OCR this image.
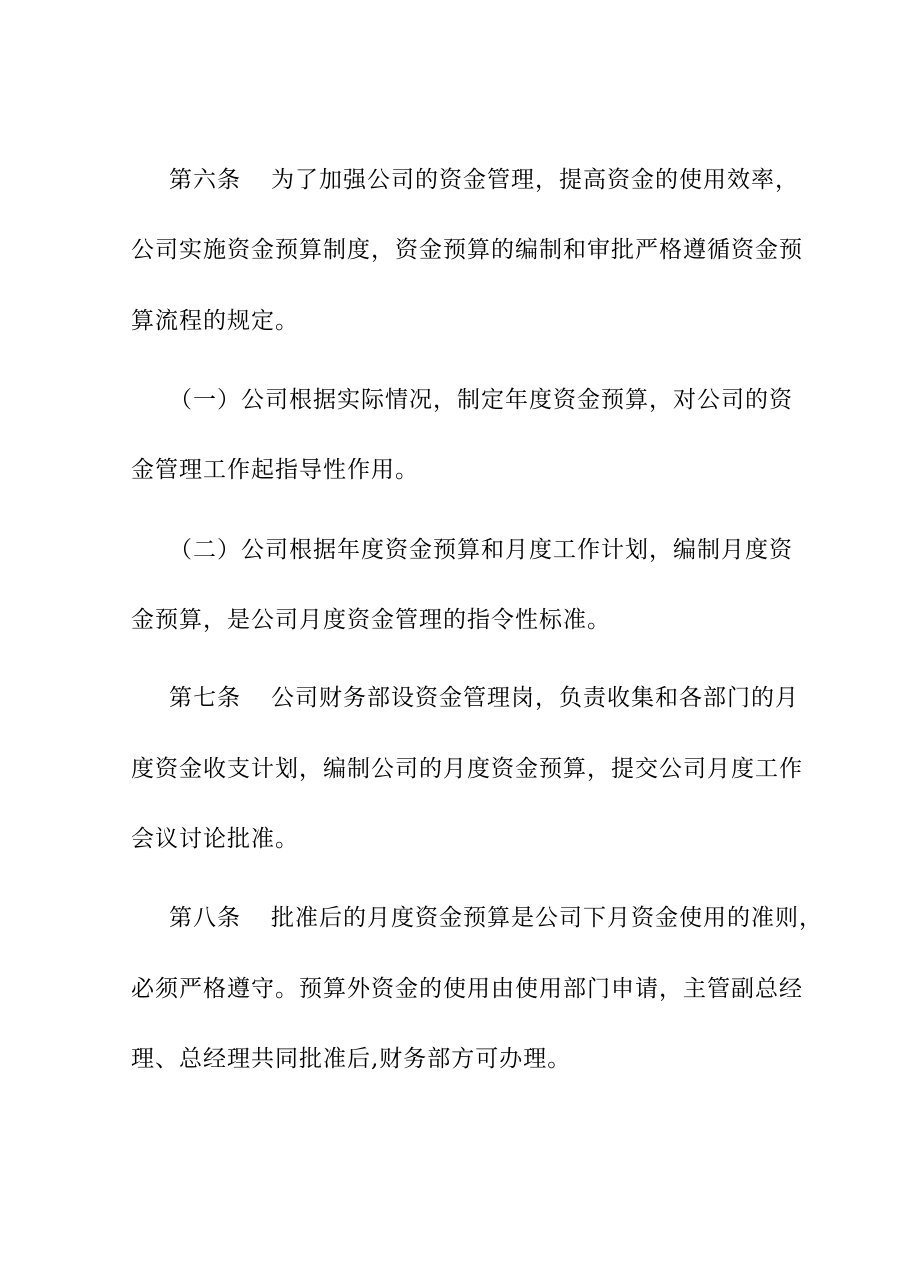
第六条 为了加强公司的资金管理，提高资金的使用效率，
公司实施资金预算制度，资金预算的编制和审批严格遵循资金预
算流程的规定。
（一）公司根据实际情况，制定年度资金预算，对公司的资
金管理工作起指导性作用。
（二）公司根据年度资金预算和月度工作计划，编制月度资
金预算，是公司月度资金管理的指令性标准。
第七条 公司财务部设资金管理岗，负责收集和各部门的月
度资金收支计划，编制公司的月度资金预算，提交公司月度工作
会议讨论批准。
第八条 批准后的月度资金预算是公司下月资金使用的准则，
必须严格遵守。预算外资金的使用由使用部门申请，主管副总经
理、总经理共同批准后,财务部方可办理。
